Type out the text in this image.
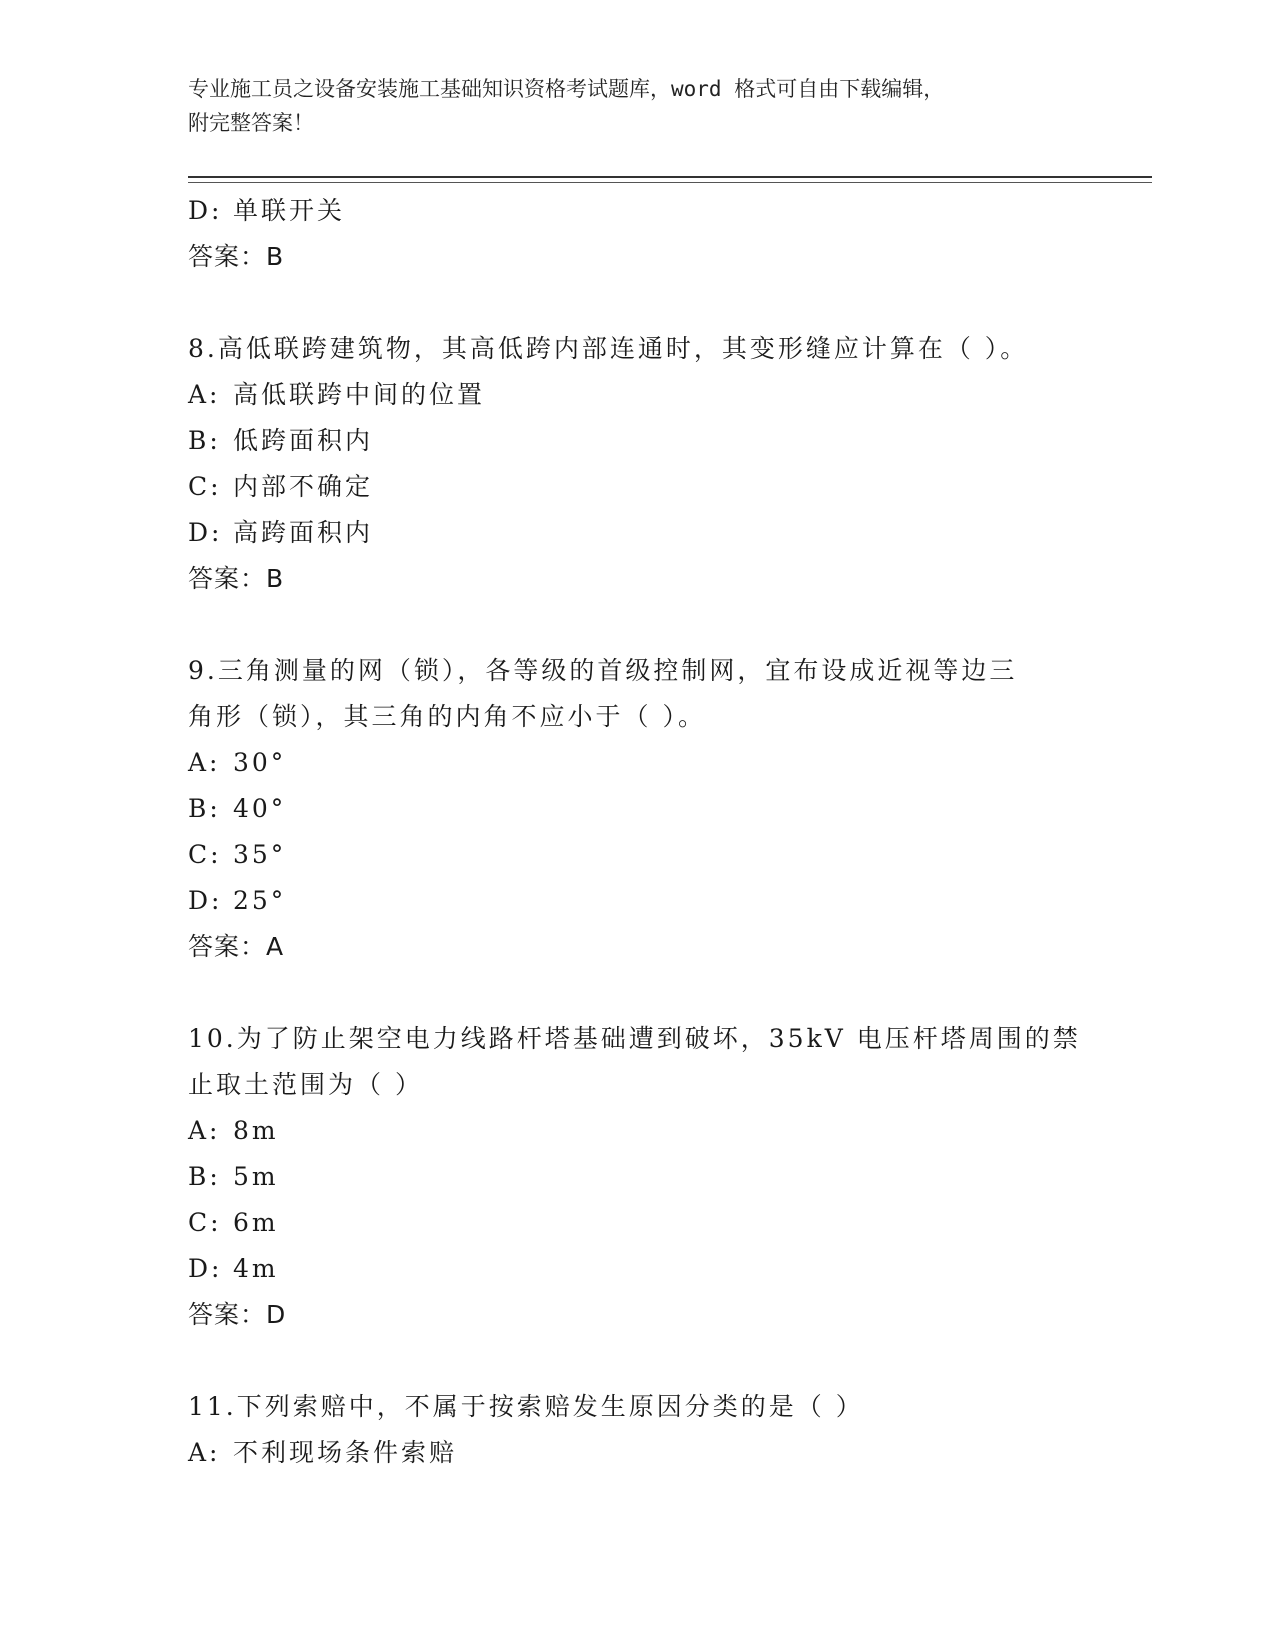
专业施工员之设备安装施工基础知识资格考试题库，word 格式可自由下载编辑，
附完整答案！
D: 单联开关
答案：B
8.高低联跨建筑物，其高低跨内部连通时，其变形缝应计算在（ ）。
A: 高低联跨中间的位置
B: 低跨面积内
C: 内部不确定
D: 高跨面积内
答案：B
9.三角测量的网（锁），各等级的首级控制网，宜布设成近视等边三
角形（锁），其三角的内角不应小于（ ）。
A: 30°
B: 40°
C: 35°
D: 25°
答案：A
10.为了防止架空电力线路杆塔基础遭到破坏，35kV 电压杆塔周围的禁
止取土范围为（ ）
A: 8m
B: 5m
C: 6m
D: 4m
答案：D
11.下列索赔中，不属于按索赔发生原因分类的是（ ）
A: 不利现场条件索赔
